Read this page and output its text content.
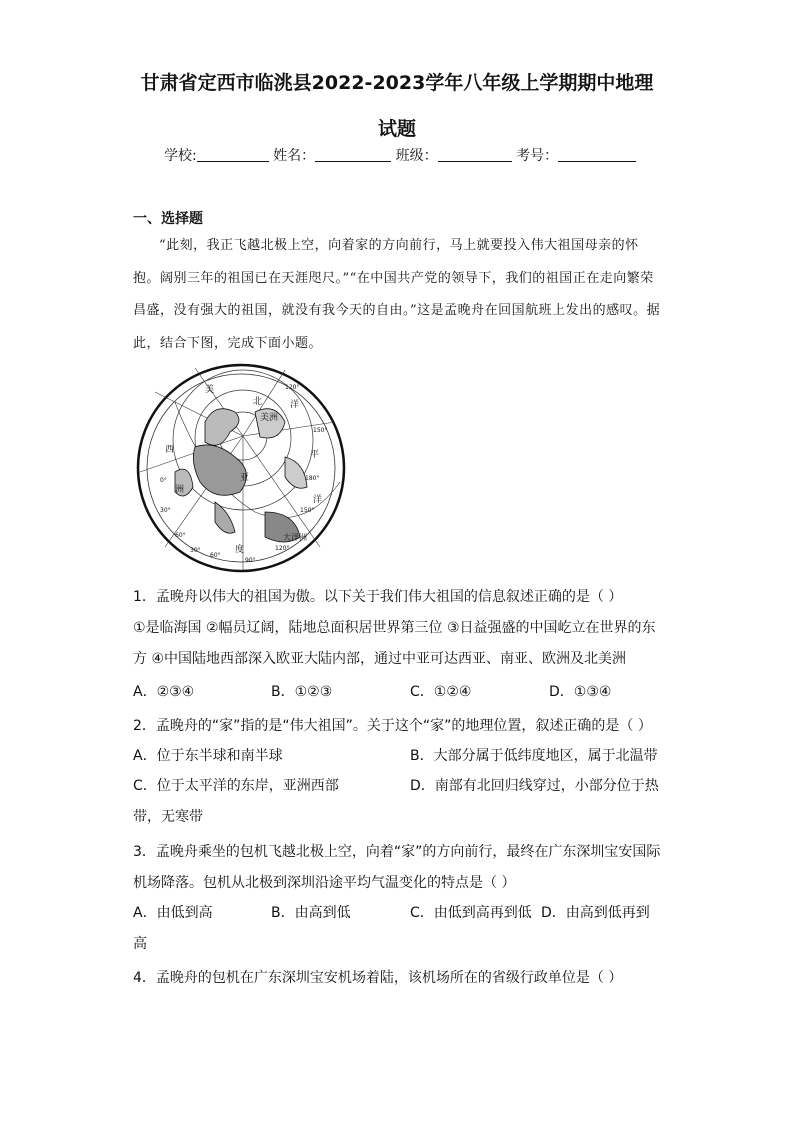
甘肃省定西市临洮县2022-2023学年八年级上学期期中地理
试题
学校:	姓名：	班级：	考号：
一、选择题

“此刻，我正飞越北极上空，向着家的方向前行，马上就要投入伟大祖国母亲的怀抱。阔别三年的祖国已在天涯咫尺。”“在中国共产党的领导下，我们的祖国正在走向繁荣昌盛，没有强大的祖国，就没有我今天的自由。”这是孟晚舟在回国航班上发出的感叹。据此，结合下图，完成下面小题。

美
北
美洲
西
洋
平
洋
洲
度
大洋洲
亚
150°
120°
180°
150°
120°
90°
60°
30°
0°
60°
30°
1．孟晚舟以伟大的祖国为傲。以下关于我们伟大祖国的信息叙述正确的是（ ）
①是临海国 ②幅员辽阔，陆地总面积居世界第三位 ③日益强盛的中国屹立在世界的东方 ④中国陆地西部深入欧亚大陆内部，通过中亚可达西亚、南亚、欧洲及北美洲
A．②③④	B．①②③	C．①②④	D．①③④
2．孟晚舟的“家”指的是“伟大祖国”。关于这个“家”的地理位置，叙述正确的是（ ）
A．位于东半球和南半球	B．大部分属于低纬度地区，属于北温带
C．位于太平洋的东岸，亚洲西部	D．南部有北回归线穿过，小部分位于热
带，无寒带
3．孟晚舟乘坐的包机飞越北极上空，向着“家”的方向前行，最终在广东深圳宝安国际机场降落。包机从北极到深圳沿途平均气温变化的特点是（ ）
A．由低到高	B．由高到低	C．由低到高再到低 D．由高到低再到
高
4．孟晚舟的包机在广东深圳宝安机场着陆，该机场所在的省级行政单位是（ ）
